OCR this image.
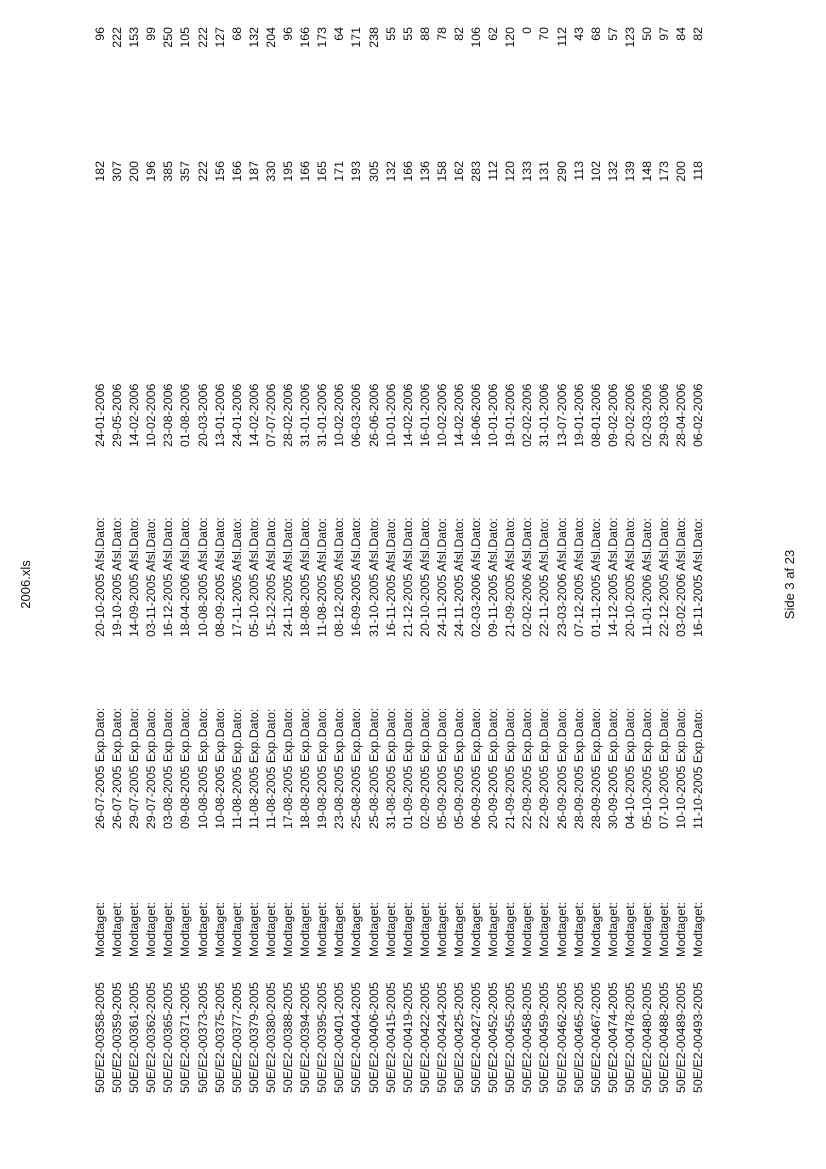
2006.xls
50E/E2-00358-2005
Modtaget:
26-07-2005 Exp.Dato:
20-10-2005 Afsl.Dato:
24-01-2006
182
96
50E/E2-00359-2005
Modtaget:
26-07-2005 Exp.Dato:
19-10-2005 Afsl.Dato:
29-05-2006
307
222
50E/E2-00361-2005
Modtaget:
29-07-2005 Exp.Dato:
14-09-2005 Afsl.Dato:
14-02-2006
200
153
50E/E2-00362-2005
Modtaget:
29-07-2005 Exp.Dato:
03-11-2005 Afsl.Dato:
10-02-2006
196
99
50E/E2-00365-2005
Modtaget:
03-08-2005 Exp.Dato:
16-12-2005 Afsl.Dato:
23-08-2006
385
250
50E/E2-00371-2005
Modtaget:
09-08-2005 Exp.Dato:
18-04-2006 Afsl.Dato:
01-08-2006
357
105
50E/E2-00373-2005
Modtaget:
10-08-2005 Exp.Dato:
10-08-2005 Afsl.Dato:
20-03-2006
222
222
50E/E2-00375-2005
Modtaget:
10-08-2005 Exp.Dato:
08-09-2005 Afsl.Dato:
13-01-2006
156
127
50E/E2-00377-2005
Modtaget:
11-08-2005 Exp.Dato:
17-11-2005 Afsl.Dato:
24-01-2006
166
68
50E/E2-00379-2005
Modtaget:
11-08-2005 Exp.Dato:
05-10-2005 Afsl.Dato:
14-02-2006
187
132
50E/E2-00380-2005
Modtaget:
11-08-2005 Exp.Dato:
15-12-2005 Afsl.Dato:
07-07-2006
330
204
50E/E2-00388-2005
Modtaget:
17-08-2005 Exp.Dato:
24-11-2005 Afsl.Dato:
28-02-2006
195
96
50E/E2-00394-2005
Modtaget:
18-08-2005 Exp.Dato:
18-08-2005 Afsl.Dato:
31-01-2006
166
166
50E/E2-00395-2005
Modtaget:
19-08-2005 Exp.Dato:
11-08-2005 Afsl.Dato:
31-01-2006
165
173
50E/E2-00401-2005
Modtaget:
23-08-2005 Exp.Dato:
08-12-2005 Afsl.Dato:
10-02-2006
171
64
50E/E2-00404-2005
Modtaget:
25-08-2005 Exp.Dato:
16-09-2005 Afsl.Dato:
06-03-2006
193
171
50E/E2-00406-2005
Modtaget:
25-08-2005 Exp.Dato:
31-10-2005 Afsl.Dato:
26-06-2006
305
238
50E/E2-00415-2005
Modtaget:
31-08-2005 Exp.Dato:
16-11-2005 Afsl.Dato:
10-01-2006
132
55
50E/E2-00419-2005
Modtaget:
01-09-2005 Exp.Dato:
21-12-2005 Afsl.Dato:
14-02-2006
166
55
50E/E2-00422-2005
Modtaget:
02-09-2005 Exp.Dato:
20-10-2005 Afsl.Dato:
16-01-2006
136
88
50E/E2-00424-2005
Modtaget:
05-09-2005 Exp.Dato:
24-11-2005 Afsl.Dato:
10-02-2006
158
78
50E/E2-00425-2005
Modtaget:
05-09-2005 Exp.Dato:
24-11-2005 Afsl.Dato:
14-02-2006
162
82
50E/E2-00427-2005
Modtaget:
06-09-2005 Exp.Dato:
02-03-2006 Afsl.Dato:
16-06-2006
283
106
50E/E2-00452-2005
Modtaget:
20-09-2005 Exp.Dato:
09-11-2005 Afsl.Dato:
10-01-2006
112
62
50E/E2-00455-2005
Modtaget:
21-09-2005 Exp.Dato:
21-09-2005 Afsl.Dato:
19-01-2006
120
120
50E/E2-00458-2005
Modtaget:
22-09-2005 Exp.Dato:
02-02-2006 Afsl.Dato:
02-02-2006
133
0
50E/E2-00459-2005
Modtaget:
22-09-2005 Exp.Dato:
22-11-2005 Afsl.Dato:
31-01-2006
131
70
50E/E2-00462-2005
Modtaget:
26-09-2005 Exp.Dato:
23-03-2006 Afsl.Dato:
13-07-2006
290
112
50E/E2-00465-2005
Modtaget:
28-09-2005 Exp.Dato:
07-12-2005 Afsl.Dato:
19-01-2006
113
43
50E/E2-00467-2005
Modtaget:
28-09-2005 Exp.Dato:
01-11-2005 Afsl.Dato:
08-01-2006
102
68
50E/E2-00474-2005
Modtaget:
30-09-2005 Exp.Dato:
14-12-2005 Afsl.Dato:
09-02-2006
132
57
50E/E2-00478-2005
Modtaget:
04-10-2005 Exp.Dato:
20-10-2005 Afsl.Dato:
20-02-2006
139
123
50E/E2-00480-2005
Modtaget:
05-10-2005 Exp.Dato:
11-01-2006 Afsl.Dato:
02-03-2006
148
50
50E/E2-00488-2005
Modtaget:
07-10-2005 Exp.Dato:
22-12-2005 Afsl.Dato:
29-03-2006
173
97
50E/E2-00489-2005
Modtaget:
10-10-2005 Exp.Dato:
03-02-2006 Afsl.Dato:
28-04-2006
200
84
50E/E2-00493-2005
Modtaget:
11-10-2005 Exp.Dato:
16-11-2005 Afsl.Dato:
06-02-2006
118
82
Side 3 af 23
